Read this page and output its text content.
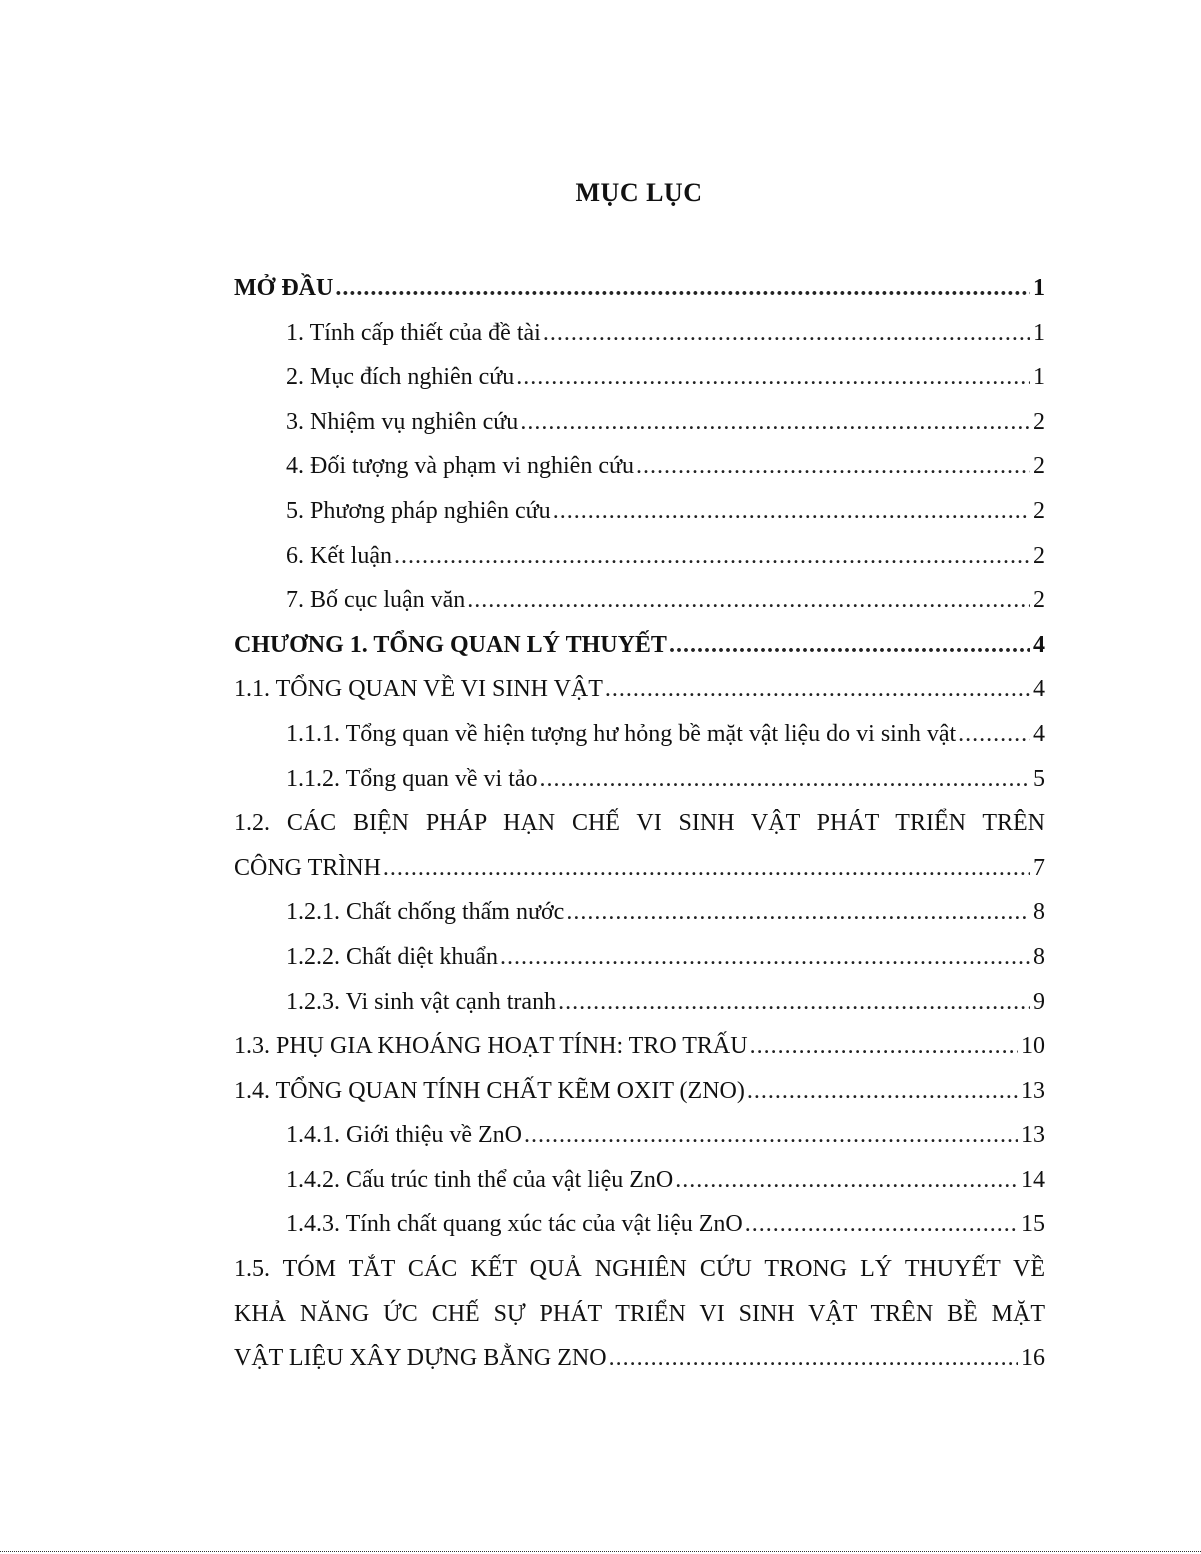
MỤC LỤC
MỞ ĐẦU .....	1
1. Tính cấp thiết của đề tài .....	1
2. Mục đích nghiên cứu .....	1
3. Nhiệm vụ nghiên cứu .....	2
4. Đối tượng và phạm vi nghiên cứu .....	2
5. Phương pháp nghiên cứu .....	2
6. Kết luận .....	2
7. Bố cục luận văn .....	2
CHƯƠNG 1. TỔNG QUAN LÝ THUYẾT .....	4
1.1. TỔNG QUAN VỀ VI SINH VẬT .....	4
1.1.1. Tổng quan về hiện tượng hư hỏng bề mặt vật liệu do vi sinh vật .....	4
1.1.2. Tổng quan về vi tảo .....	5
1.2. CÁC BIỆN PHÁP HẠN CHẾ VI SINH VẬT PHÁT TRIỂN TRÊN
CÔNG TRÌNH .....	7
1.2.1. Chất chống thấm nước .....	8
1.2.2. Chất diệt khuẩn .....	8
1.2.3. Vi sinh vật cạnh tranh .....	9
1.3. PHỤ GIA KHOÁNG HOẠT TÍNH: TRO TRẤU .....	10
1.4. TỔNG QUAN TÍNH CHẤT KẼM OXIT (ZNO) .....	13
1.4.1. Giới thiệu về ZnO .....	13
1.4.2. Cấu trúc tinh thể của vật liệu ZnO .....	14
1.4.3. Tính chất quang xúc tác của vật liệu ZnO .....	15
1.5. TÓM TẮT CÁC KẾT QUẢ NGHIÊN CỨU TRONG LÝ THUYẾT VỀ
KHẢ NĂNG ỨC CHẾ SỰ PHÁT TRIỂN VI SINH VẬT TRÊN BỀ MẶT
VẬT LIỆU XÂY DỰNG BẰNG ZNO .....	16
